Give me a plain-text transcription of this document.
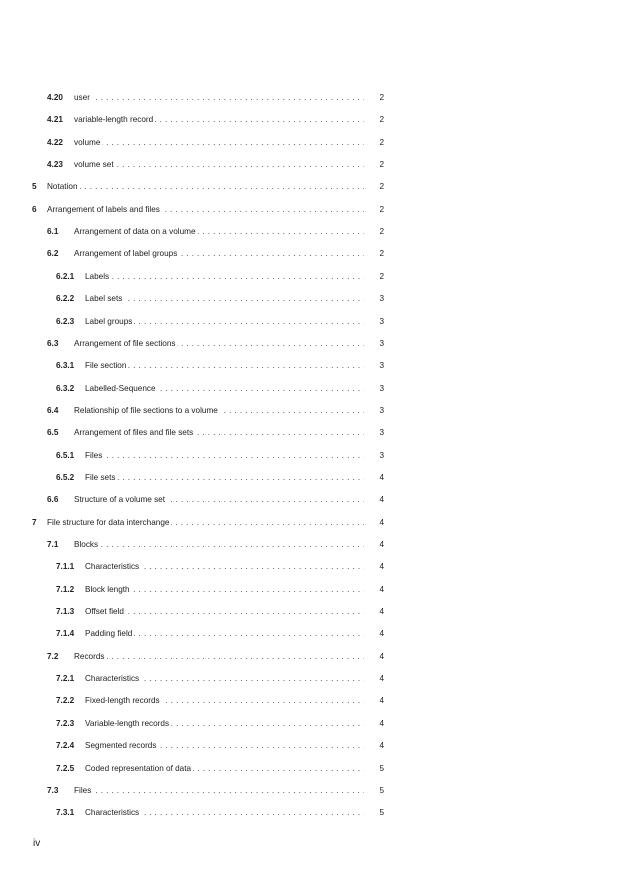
4.20 user . . .	2
4.21 variable-length record . . .	2
4.22 volume . . .	2
4.23 volume set . . .	2
5 Notation . . .	2
6 Arrangement of labels and files . . .	2
6.1 Arrangement of data on a volume . . .	2
6.2 Arrangement of label groups . . .	2
6.2.1 Labels . . .	2
6.2.2 Label sets . . .	3
6.2.3 Label groups . . .	3
6.3 Arrangement of file sections . . .	3
6.3.1 File section . . .	3
6.3.2 Labelled-Sequence . . .	3
6.4 Relationship of file sections to a volume . . .	3
6.5 Arrangement of files and file sets . . .	3
6.5.1 Files . . .	3
6.5.2 File sets . . .	4
6.6 Structure of a volume set . . .	4
7 File structure for data interchange . . .	4
7.1 Blocks . . .	4
7.1.1 Characteristics . . .	4
7.1.2 Block length . . .	4
7.1.3 Offset field . . .	4
7.1.4 Padding field . . .	4
7.2 Records . . .	4
7.2.1 Characteristics . . .	4
7.2.2 Fixed-length records . . .	4
7.2.3 Variable-length records . . .	4
7.2.4 Segmented records . . .	4
7.2.5 Coded representation of data . . .	5
7.3 Files . . .	5
7.3.1 Characteristics . . .	5
iv
